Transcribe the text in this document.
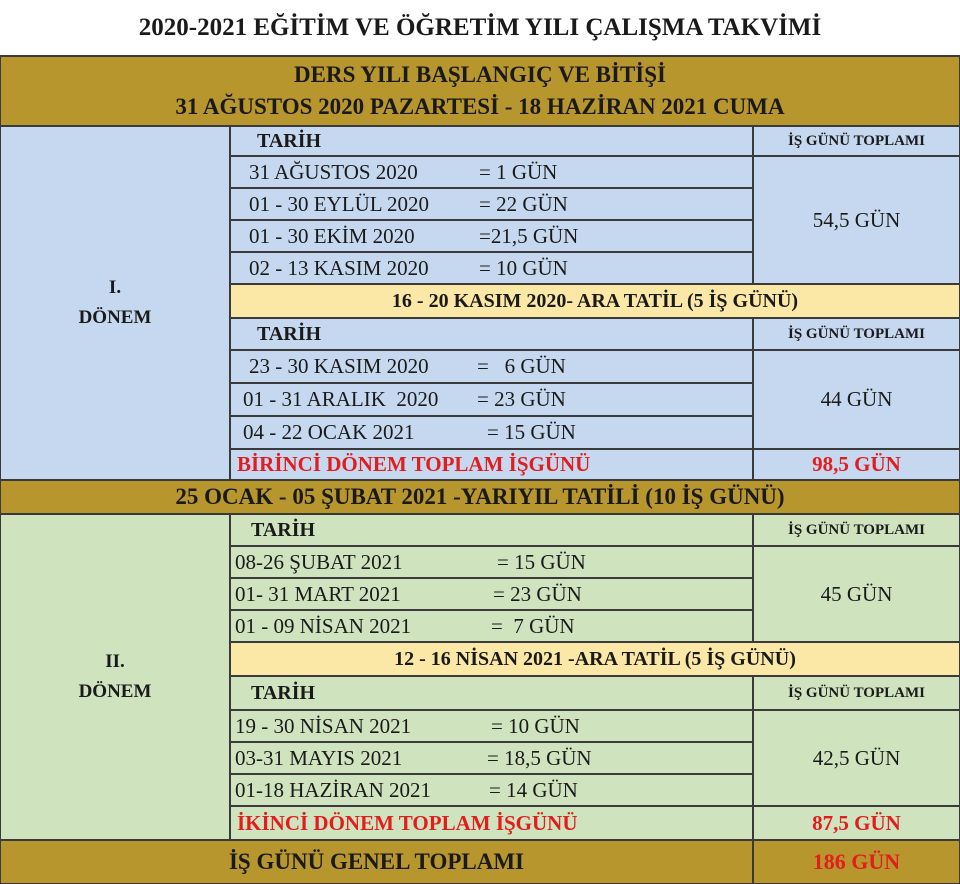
2020-2021 EĞİTİM VE ÖĞRETİM YILI ÇALIŞMA TAKVİMİ
DERS YILI BAŞLANGIÇ VE BİTİŞİ
31 AĞUSTOS 2020 PAZARTESİ - 18 HAZİRAN 2021 CUMA
I.
DÖNEM
TARİH	İŞ GÜNÜ TOPLAMI
31 AĞUSTOS 2020	= 1 GÜN
01 - 30 EYLÜL 2020	= 22 GÜN
01 - 30 EKİM 2020	=21,5 GÜN
02 - 13 KASIM 2020	= 10 GÜN
54,5 GÜN
16 - 20 KASIM 2020- ARA TATİL (5 İŞ GÜNÜ)
TARİH	İŞ GÜNÜ TOPLAMI
23 - 30 KASIM 2020	=   6 GÜN
01 - 31 ARALIK  2020	= 23 GÜN
04 - 22 OCAK 2021	= 15 GÜN
44 GÜN
BİRİNCİ DÖNEM TOPLAM İŞGÜNÜ	98,5 GÜN
25 OCAK - 05 ŞUBAT 2021 -YARIYIL TATİLİ (10 İŞ GÜNÜ)
II.
DÖNEM
TARİH	İŞ GÜNÜ TOPLAMI
08-26 ŞUBAT 2021	= 15 GÜN
01- 31 MART 2021	= 23 GÜN
01 - 09 NİSAN 2021	=  7 GÜN
45 GÜN
12 - 16 NİSAN 2021 -ARA TATİL (5 İŞ GÜNÜ)
TARİH	İŞ GÜNÜ TOPLAMI
19 - 30 NİSAN 2021	= 10 GÜN
03-31 MAYIS 2021	= 18,5 GÜN
01-18 HAZİRAN 2021	= 14 GÜN
42,5 GÜN
İKİNCİ DÖNEM TOPLAM İŞGÜNÜ	87,5 GÜN
İŞ GÜNÜ GENEL TOPLAMI	186 GÜN
